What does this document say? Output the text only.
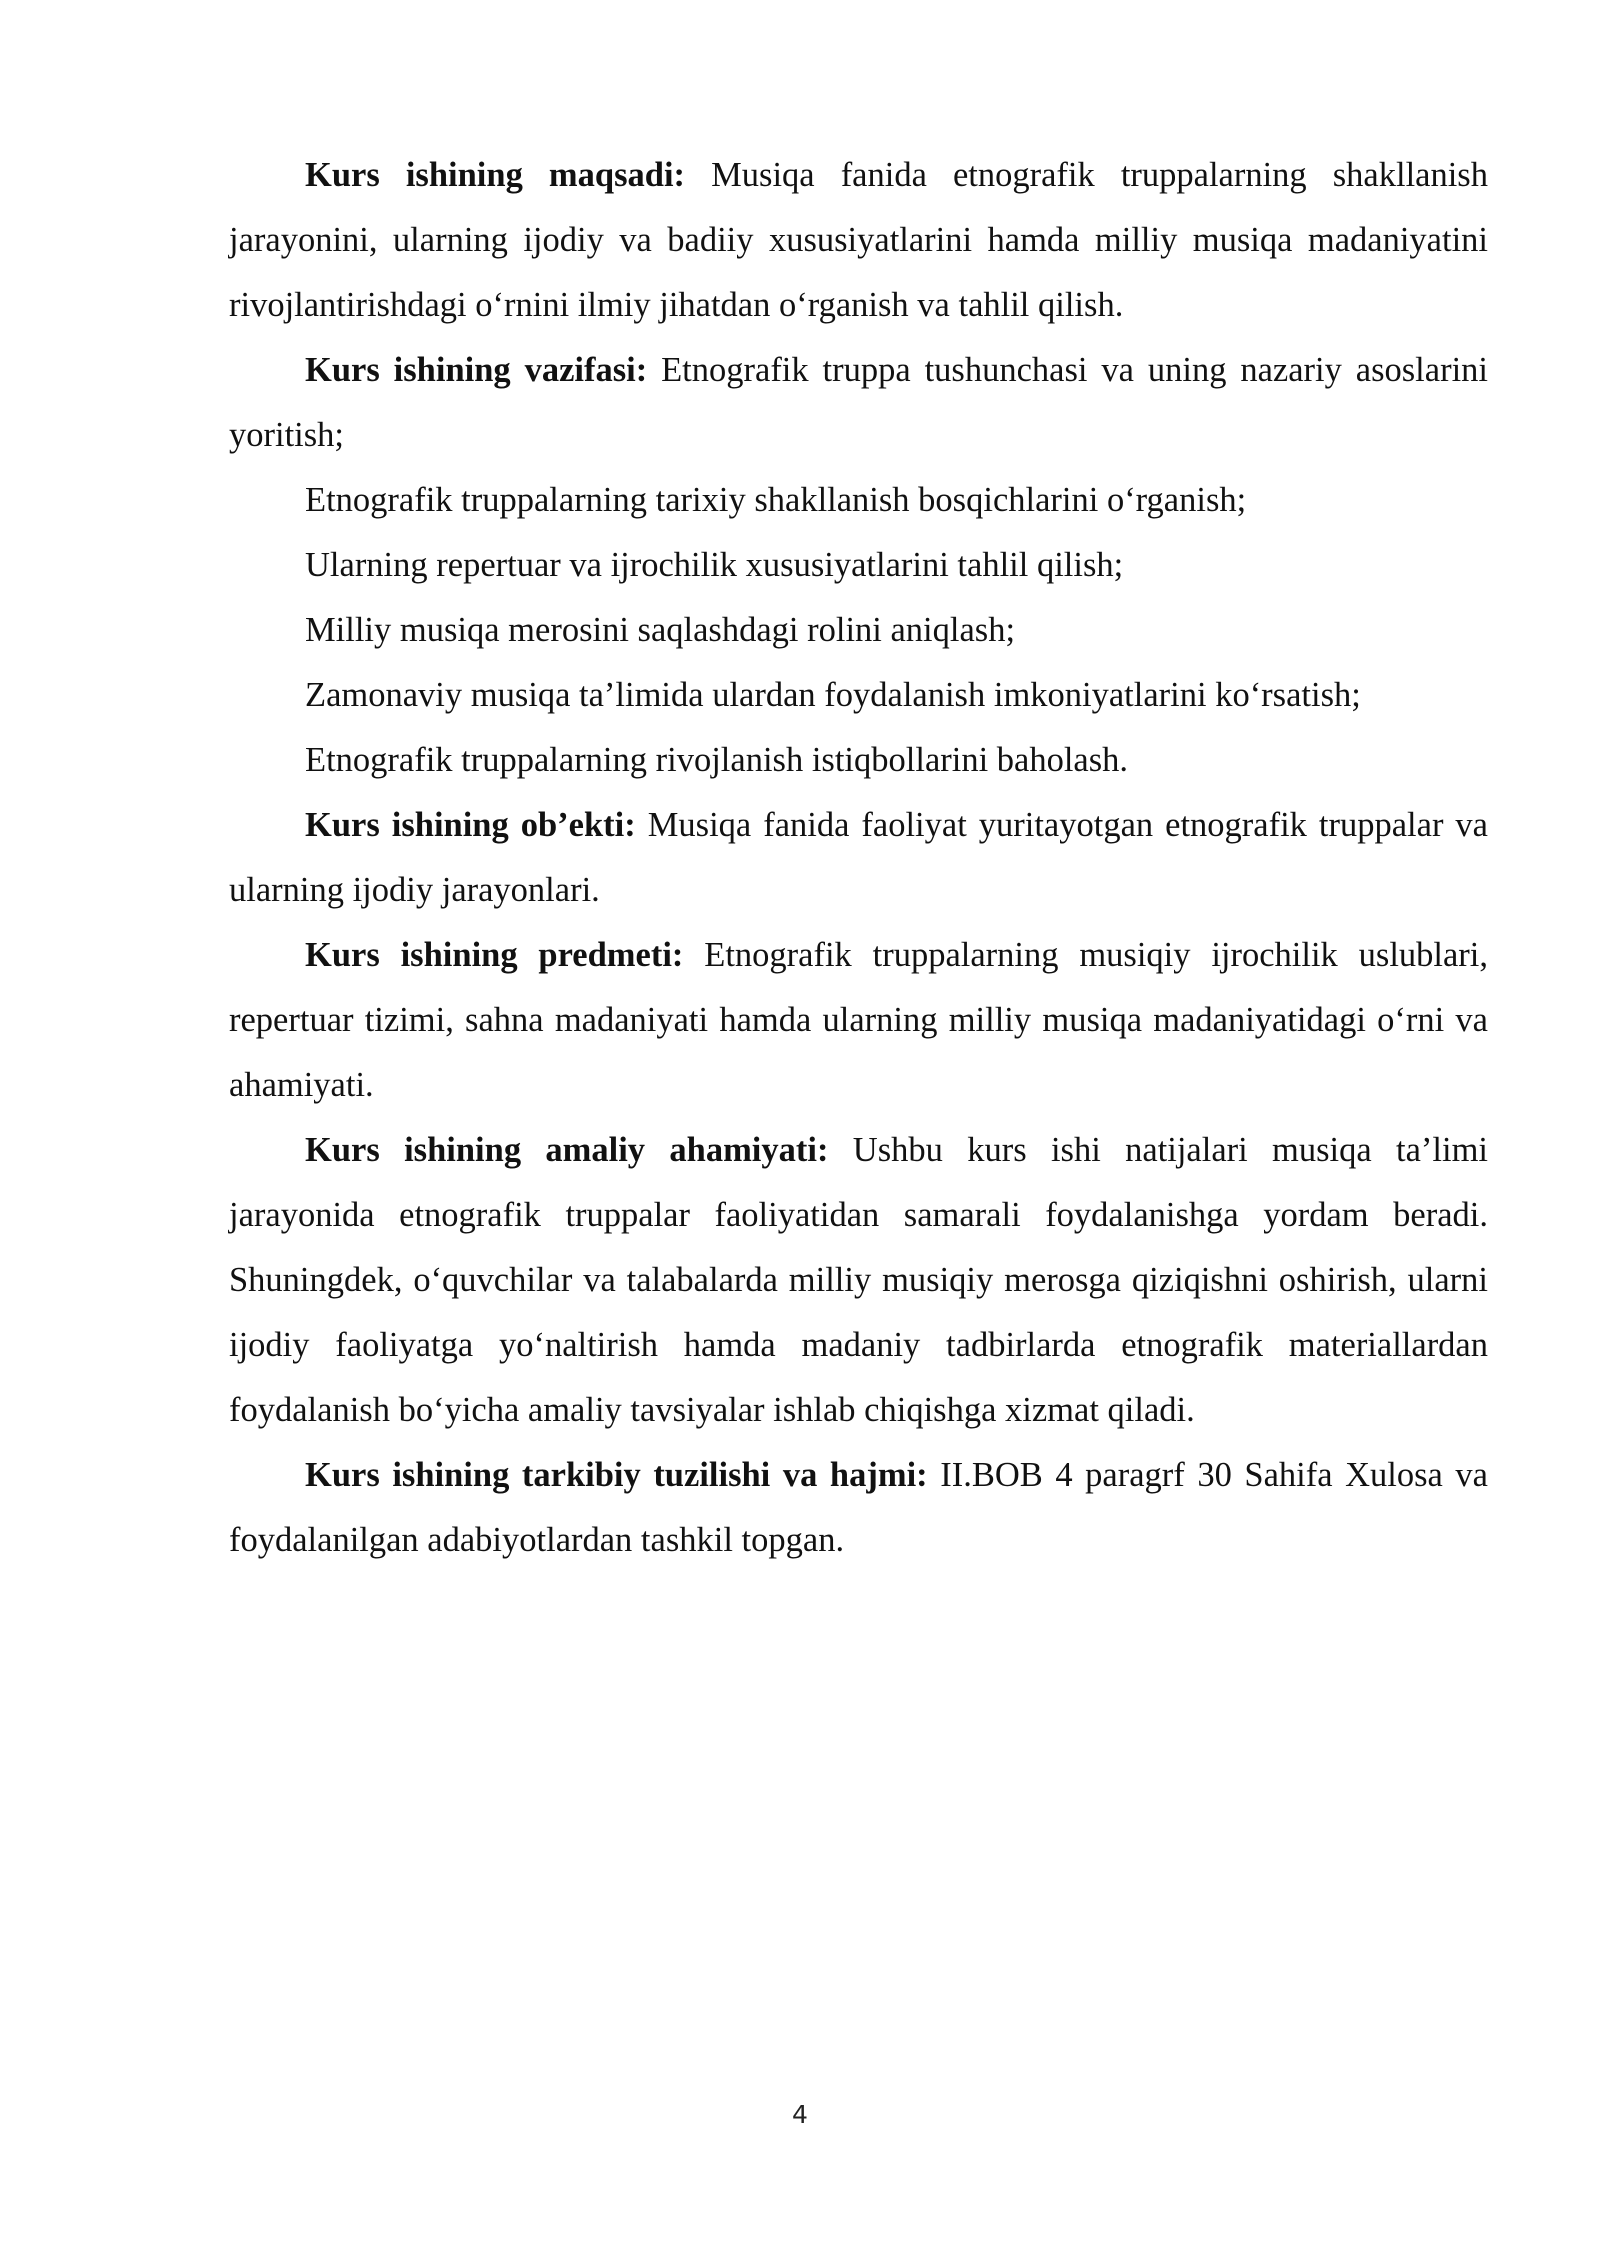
Kurs ishining maqsadi: Musiqa fanida etnografik truppalarning shakllanish jarayonini, ularning ijodiy va badiiy xususiyatlarini hamda milliy musiqa madaniyatini rivojlantirishdagi o‘rnini ilmiy jihatdan o‘rganish va tahlil qilish.

Kurs ishining vazifasi: Etnografik truppa tushunchasi va uning nazariy asoslarini yoritish;

Etnografik truppalarning tarixiy shakllanish bosqichlarini o‘rganish;

Ularning repertuar va ijrochilik xususiyatlarini tahlil qilish;

Milliy musiqa merosini saqlashdagi rolini aniqlash;

Zamonaviy musiqa ta’limida ulardan foydalanish imkoniyatlarini ko‘rsatish;

Etnografik truppalarning rivojlanish istiqbollarini baholash.

Kurs ishining ob’ekti: Musiqa fanida faoliyat yuritayotgan etnografik truppalar va ularning ijodiy jarayonlari.

Kurs ishining predmeti: Etnografik truppalarning musiqiy ijrochilik uslublari, repertuar tizimi, sahna madaniyati hamda ularning milliy musiqa madaniyatidagi o‘rni va ahamiyati.

Kurs ishining amaliy ahamiyati: Ushbu kurs ishi natijalari musiqa ta’limi jarayonida etnografik truppalar faoliyatidan samarali foydalanishga yordam beradi. Shuningdek, o‘quvchilar va talabalarda milliy musiqiy merosga qiziqishni oshirish, ularni ijodiy faoliyatga yo‘naltirish hamda madaniy tadbirlarda etnografik materiallardan foydalanish bo‘yicha amaliy tavsiyalar ishlab chiqishga xizmat qiladi.

Kurs ishining tarkibiy tuzilishi va hajmi: II.BOB 4 paragrf 30 Sahifa Xulosa va foydalanilgan adabiyotlardan tashkil topgan.

4
